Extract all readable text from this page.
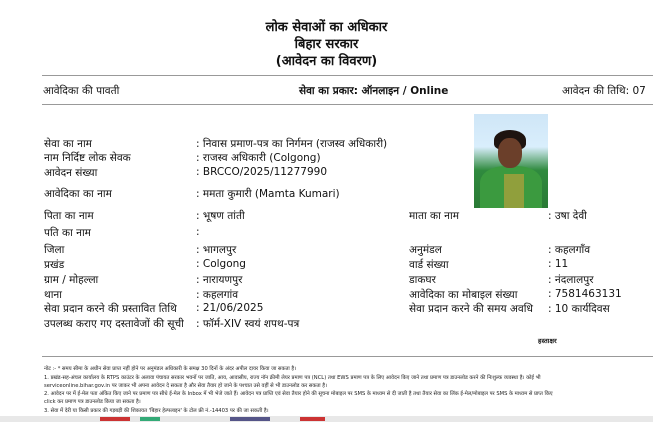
लोक सेवाओं का अधिकार
बिहार सरकार
(आवेदन का विवरण)
आवेदिका की पावती	सेवा का प्रकार: ऑनलाइन / Online	आवेदन की तिथि: 07
सेवा का नाम	: निवास प्रमाण-पत्र का निर्गमन (राजस्व अधिकारी)
नाम निर्दिष्ट लोक सेवक	: राजस्व अधिकारी (Colgong)
आवेदन संख्या	: BRCCO/2025/11277990
आवेदिका का नाम	: ममता कुमारी (Mamta Kumari)
पिता का नाम	: भूषण तांती	माता का नाम	: उषा देवी
पति का नाम	:
जिला	: भागलपुर	अनुमंडल	: कहलगाँव
प्रखंड	: Colgong	वार्ड संख्या	: 11
ग्राम / मोहल्ला	: नारायणपुर	डाकघर	: नंदलालपुर
थाना	: कहलगांव	आवेदिका का मोबाइल संख्या	: 7581463131
सेवा प्रदान करने की प्रस्तावित तिथि : 21/06/2025	सेवा प्रदान करने की समय अवधि : 10 कार्यदिवस
उपलब्ध कराए गए दस्तावेजों की सूची : फॉर्म-XIV स्वयं शपथ-पत्र
हस्ताक्षर
नोट :- * समय सीमा के अधीन सेवा प्राप्त नहीं होने पर अनुमंडल अधिकारी के समक्ष 30 दिनों के अंदर अपील दायर किया जा सकता है।
1. प्रखंड-सह-अंचल कार्यालय के RTPS काउंटर के अलावा पंचायत सरकार भवनों पर जाति, आय, आवासीय, राज्य नॉन क्रीमी लेयर प्रमाण पत्र (NCL) तथा EWS प्रमाण पत्र के लिए आवेदन किए जाने तथा प्रमाण पत्र डाउनलोड करने की निःशुल्क व्यवस्था है। कोई भी
serviceonline.bihar.gov.in पर जाकर भी अपना आवेदन दे सकता है और सेवा तैयार हो जाने के पश्चात उसे वहीं से भी डाउनलोड कर सकता है।
2. आवेदन पर में ई-मेल पता अंकित किए जाने पर प्रमाण पत्र सीधे ई-मेल के Inbox में भी भेजे जाते हैं। आवेदन पत्र प्राप्ति एवं सेवा तैयार होने की सूचना मोबाइल पर SMS के माध्यम से दी जाती है तथा तैयार सेवा का लिंक ई-मेल/मोबाइल पर SMS के माध्यम से प्राप्त किए
click कर प्रमाण पत्र डाउनलोड किया जा सकता है।
3. सेवा में देरी या किसी प्रकार की गड़बड़ी की शिकायत 'बिहार हेल्पलाइन' के टोल फ्री नं.-14403 पर की जा सकती है।
